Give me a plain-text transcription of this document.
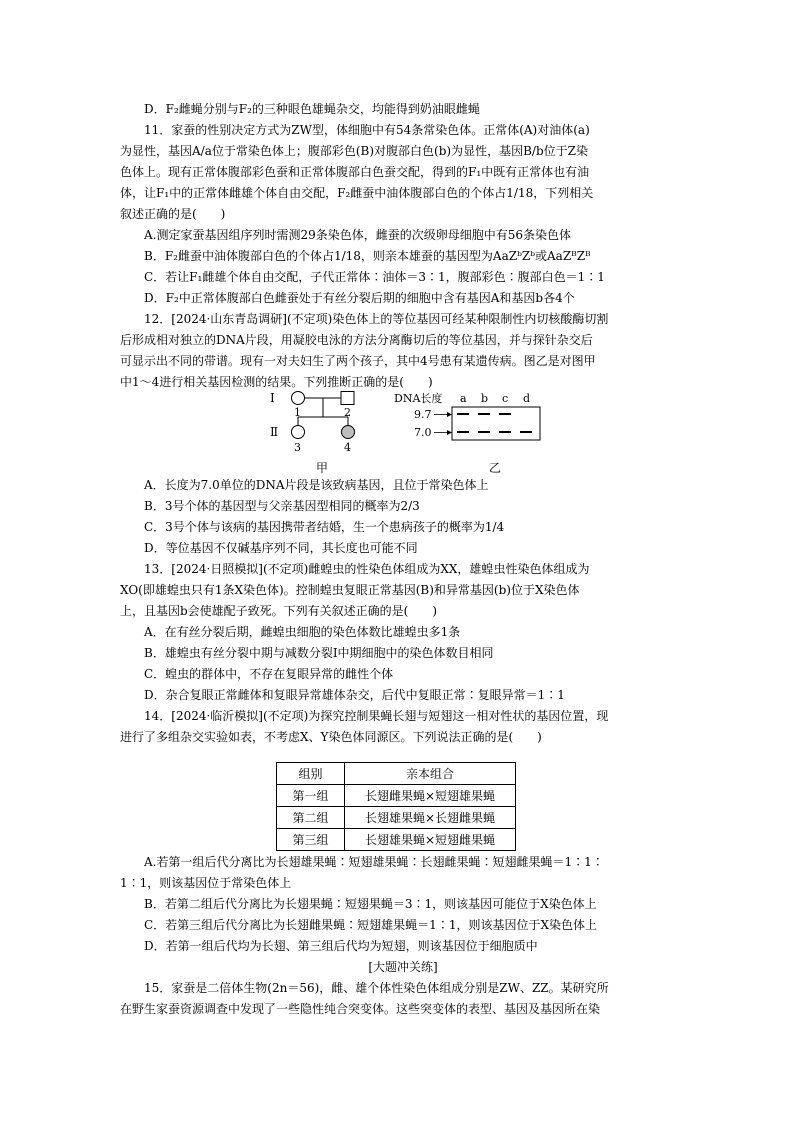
D．F₂雌蝇分别与F₂的三种眼色雄蝇杂交，均能得到奶油眼雌蝇

11．家蚕的性别决定方式为ZW型，体细胞中有54条常染色体。正常体(A)对油体(a)

为显性，基因A/a位于常染色体上；腹部彩色(B)对腹部白色(b)为显性，基因B/b位于Z染

色体上。现有正常体腹部彩色蚕和正常体腹部白色蚕交配，得到的F₁中既有正常体也有油

体，让F₁中的正常体雌雄个体自由交配，F₂雌蚕中油体腹部白色的个体占1/18，下列相关

叙述正确的是(　　)

A.测定家蚕基因组序列时需测29条染色体，雌蚕的次级卵母细胞中有56条染色体

B．F₂雌蚕中油体腹部白色的个体占1/18，则亲本雄蚕的基因型为AaZᵇZᵇ或AaZᴮZᴮ

C．若让F₁雌雄个体自由交配，子代正常体∶油体＝3∶1，腹部彩色∶腹部白色＝1∶1

D．F₂中正常体腹部白色雌蚕处于有丝分裂后期的细胞中含有基因A和基因b各4个

12．[2024·山东青岛调研](不定项)染色体上的等位基因可经某种限制性内切核酸酶切割

后形成相对独立的DNA片段，用凝胶电泳的方法分离酶切后的等位基因，并与探针杂交后

可显示出不同的带谱。现有一对夫妇生了两个孩子，其中4号患有某遗传病。图乙是对图甲

中1～4进行相关基因检测的结果。下列推断正确的是(　　)

Ⅰ
Ⅱ
1	2
3	4
甲
DNA长度 a b c d
9.7
7.0
乙

A．长度为7.0单位的DNA片段是该致病基因，且位于常染色体上

B．3号个体的基因型与父亲基因型相同的概率为2/3

C．3号个体与该病的基因携带者结婚，生一个患病孩子的概率为1/4

D．等位基因不仅碱基序列不同，其长度也可能不同

13．[2024·日照模拟](不定项)雌蝗虫的性染色体组成为XX，雄蝗虫性染色体组成为

XO(即雄蝗虫只有1条X染色体)。控制蝗虫复眼正常基因(B)和异常基因(b)位于X染色体

上，且基因b会使雄配子致死。下列有关叙述正确的是(　　)

A．在有丝分裂后期，雌蝗虫细胞的染色体数比雄蝗虫多1条

B．雄蝗虫有丝分裂中期与减数分裂Ⅰ中期细胞中的染色体数目相同

C．蝗虫的群体中，不存在复眼异常的雌性个体

D．杂合复眼正常雌体和复眼异常雄体杂交，后代中复眼正常∶复眼异常＝1∶1

14．[2024·临沂模拟](不定项)为探究控制果蝇长翅与短翅这一相对性状的基因位置，现

进行了多组杂交实验如表，不考虑X、Y染色体同源区。下列说法正确的是(　　)

组别	亲本组合
第一组	长翅雌果蝇×短翅雄果蝇
第二组	长翅雄果蝇×长翅雌果蝇
第三组	长翅雄果蝇×短翅雌果蝇

A.若第一组后代分离比为长翅雄果蝇∶短翅雄果蝇∶长翅雌果蝇∶短翅雌果蝇＝1∶1∶

1∶1，则该基因位于常染色体上

B．若第二组后代分离比为长翅果蝇∶短翅果蝇＝3∶1，则该基因可能位于X染色体上

C．若第三组后代分离比为长翅雌果蝇∶短翅雄果蝇＝1∶1，则该基因位于X染色体上

D．若第一组后代均为长翅、第三组后代均为短翅，则该基因位于细胞质中

[大题冲关练]

15．家蚕是二倍体生物(2n＝56)，雌、雄个体性染色体组成分别是ZW、ZZ。某研究所

在野生家蚕资源调查中发现了一些隐性纯合突变体。这些突变体的表型、基因及基因所在染
